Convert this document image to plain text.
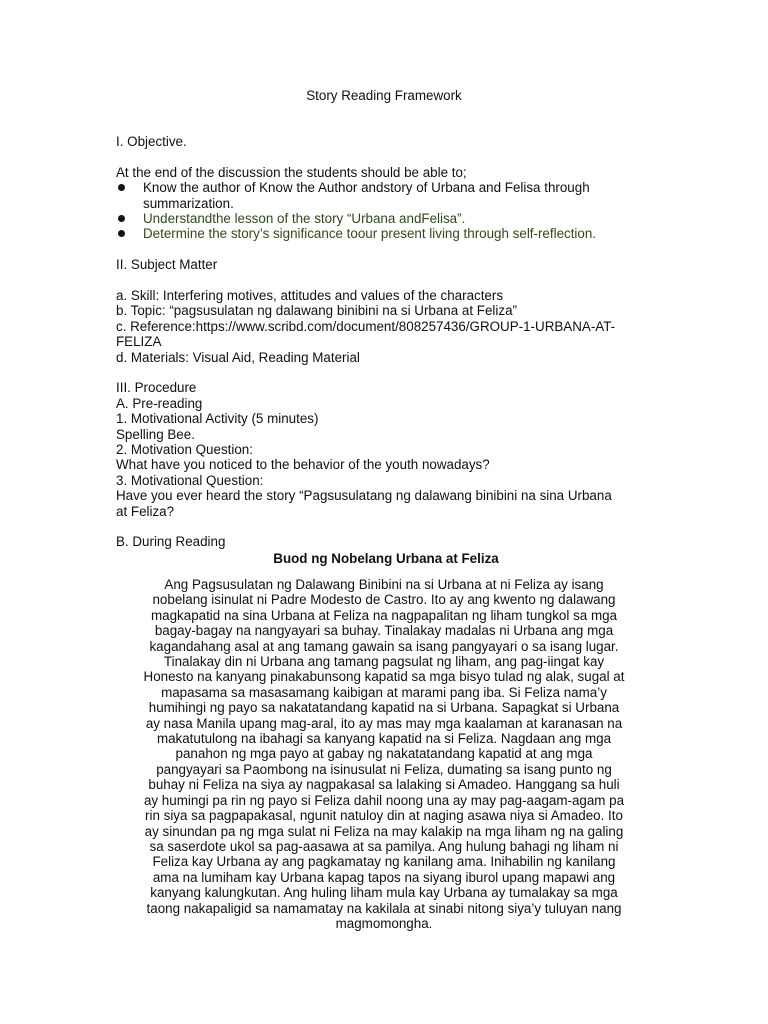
Story Reading Framework
I. Objective.
At the end of the discussion the students should be able to;
Know the author of Know the Author andstory of Urbana and Felisa through
summarization.
Understandthe lesson of the story “Urbana andFelisa”.
Determine the story’s significance toour present living through self-reflection.
II. Subject Matter
a. Skill: Interfering motives, attitudes and values of the characters
b. Topic: “pagsusulatan ng dalawang binibini na si Urbana at Feliza”
c. Reference:https://www.scribd.com/document/808257436/GROUP-1-URBANA-AT-
FELIZA
d. Materials: Visual Aid, Reading Material
III. Procedure
A. Pre-reading
1. Motivational Activity (5 minutes)
Spelling Bee.
2. Motivation Question:
What have you noticed to the behavior of the youth nowadays?
3. Motivational Question:
Have you ever heard the story “Pagsusulatang ng dalawang binibini na sina Urbana
at Feliza?
B. During Reading
Buod ng Nobelang Urbana at Feliza
Ang Pagsusulatan ng Dalawang Binibini na si Urbana at ni Feliza ay isang
nobelang isinulat ni Padre Modesto de Castro. Ito ay ang kwento ng dalawang
magkapatid na sina Urbana at Feliza na nagpapalitan ng liham tungkol sa mga
bagay-bagay na nangyayari sa buhay. Tinalakay madalas ni Urbana ang mga
kagandahang asal at ang tamang gawain sa isang pangyayari o sa isang lugar.
Tinalakay din ni Urbana ang tamang pagsulat ng liham, ang pag-iingat kay
Honesto na kanyang pinakabunsong kapatid sa mga bisyo tulad ng alak, sugal at
mapasama sa masasamang kaibigan at marami pang iba. Si Feliza nama’y
humihingi ng payo sa nakatatandang kapatid na si Urbana. Sapagkat si Urbana
ay nasa Manila upang mag-aral, ito ay mas may mga kaalaman at karanasan na
makatutulong na ibahagi sa kanyang kapatid na si Feliza. Nagdaan ang mga
panahon ng mga payo at gabay ng nakatatandang kapatid at ang mga
pangyayari sa Paombong na isinusulat ni Feliza, dumating sa isang punto ng
buhay ni Feliza na siya ay nagpakasal sa lalaking si Amadeo. Hanggang sa huli
ay humingi pa rin ng payo si Feliza dahil noong una ay may pag-aagam-agam pa
rin siya sa pagpapakasal, ngunit natuloy din at naging asawa niya si Amadeo. Ito
ay sinundan pa ng mga sulat ni Feliza na may kalakip na mga liham ng na galing
sa saserdote ukol sa pag-aasawa at sa pamilya. Ang hulung bahagi ng liham ni
Feliza kay Urbana ay ang pagkamatay ng kanilang ama. Inihabilin ng kanilang
ama na lumiham kay Urbana kapag tapos na siyang iburol upang mapawi ang
kanyang kalungkutan. Ang huling liham mula kay Urbana ay tumalakay sa mga
taong nakapaligid sa namamatay na kakilala at sinabi nitong siya’y tuluyan nang
magmomongha.
